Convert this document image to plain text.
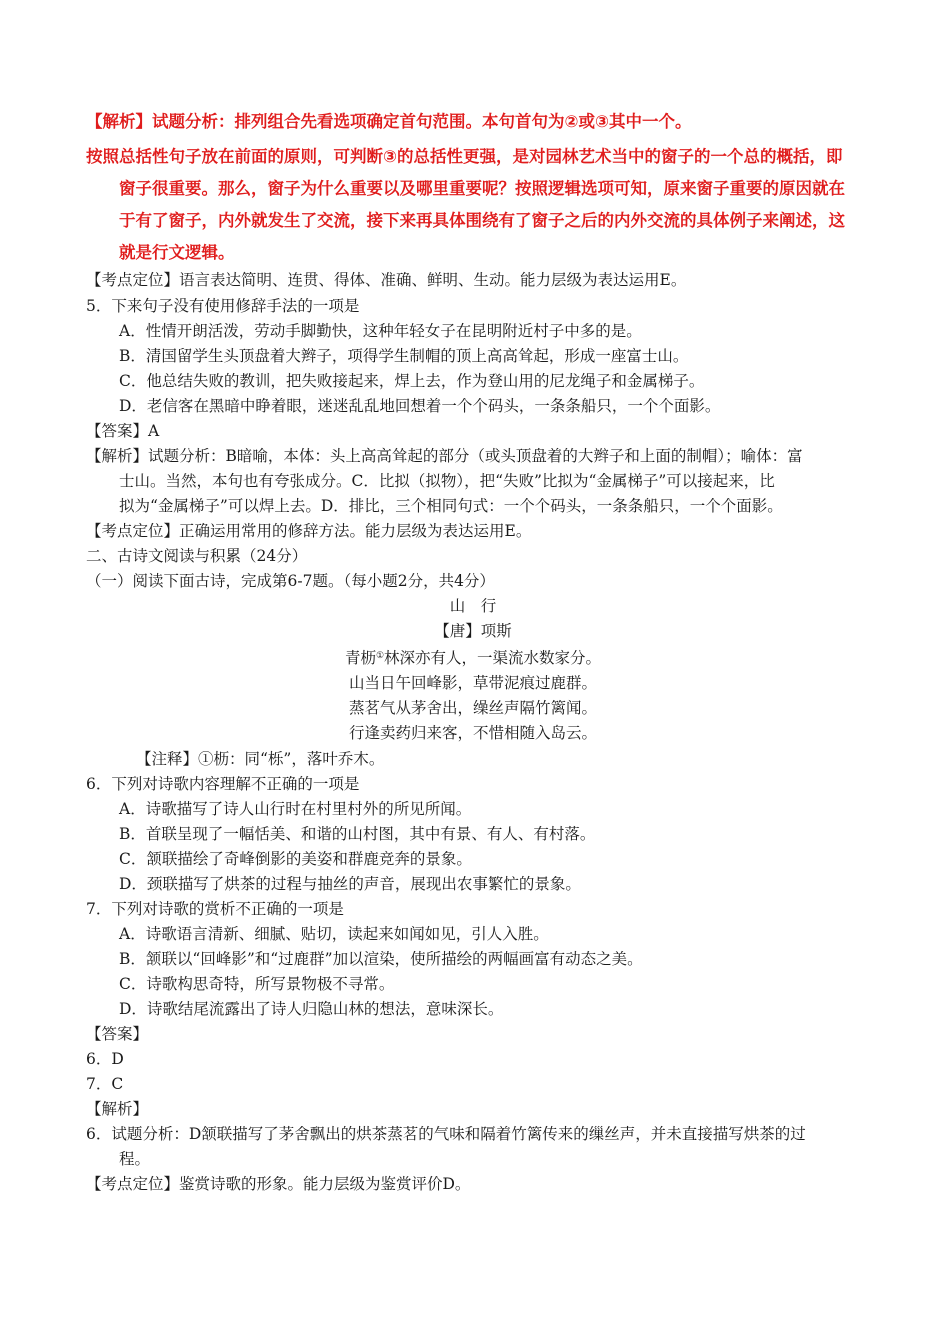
【解析】试题分析：排列组合先看选项确定首句范围。本句首句为②或③其中一个。
按照总括性句子放在前面的原则，可判断③的总括性更强，是对园林艺术当中的窗子的一个总的概括，即
窗子很重要。那么，窗子为什么重要以及哪里重要呢？按照逻辑选项可知，原来窗子重要的原因就在
于有了窗子，内外就发生了交流，接下来再具体围绕有了窗子之后的内外交流的具体例子来阐述，这
就是行文逻辑。
【考点定位】语言表达简明、连贯、得体、准确、鲜明、生动。能力层级为表达运用E。
5．下来句子没有使用修辞手法的一项是
A．性情开朗活泼，劳动手脚勤快，这种年轻女子在昆明附近村子中多的是。
B．清国留学生头顶盘着大辫子，项得学生制帽的顶上高高耸起，形成一座富士山。
C．他总结失败的教训，把失败接起来，焊上去，作为登山用的尼龙绳子和金属梯子。
D．老信客在黑暗中睁着眼，迷迷乱乱地回想着一个个码头，一条条船只，一个个面影。
【答案】A
【解析】试题分析：B暗喻，本体：头上高高耸起的部分（或头顶盘着的大辫子和上面的制帽）；喻体：富
士山。当然，本句也有夸张成分。C．比拟（拟物），把“失败”比拟为“金属梯子”可以接起来，比
拟为“金属梯子”可以焊上去。D．排比，三个相同句式：一个个码头，一条条船只，一个个面影。
【考点定位】正确运用常用的修辞方法。能力层级为表达运用E。
二、古诗文阅读与积累（24分）
（一）阅读下面古诗，完成第6-7题。（每小题2分，共4分）
山　行
【唐】项斯
青枥①林深亦有人，一渠流水数家分。
山当日午回峰影，草带泥痕过鹿群。
蒸茗气从茅舍出，缲丝声隔竹篱闻。
行逢卖药归来客，不惜相随入岛云。
【注释】①枥：同“栎”，落叶乔木。
6．下列对诗歌内容理解不正确的一项是
A．诗歌描写了诗人山行时在村里村外的所见所闻。
B．首联呈现了一幅恬美、和谐的山村图，其中有景、有人、有村落。
C．颔联描绘了奇峰倒影的美姿和群鹿竞奔的景象。
D．颈联描写了烘茶的过程与抽丝的声音，展现出农事繁忙的景象。
7．下列对诗歌的赏析不正确的一项是
A．诗歌语言清新、细腻、贴切，读起来如闻如见，引人入胜。
B．颔联以“回峰影”和“过鹿群”加以渲染，使所描绘的两幅画富有动态之美。
C．诗歌构思奇特，所写景物极不寻常。
D．诗歌结尾流露出了诗人归隐山林的想法，意味深长。
【答案】
6．D
7．C
【解析】
6．试题分析：D颔联描写了茅舍飘出的烘茶蒸茗的气味和隔着竹篱传来的缫丝声，并未直接描写烘茶的过
程。
【考点定位】鉴赏诗歌的形象。能力层级为鉴赏评价D。
